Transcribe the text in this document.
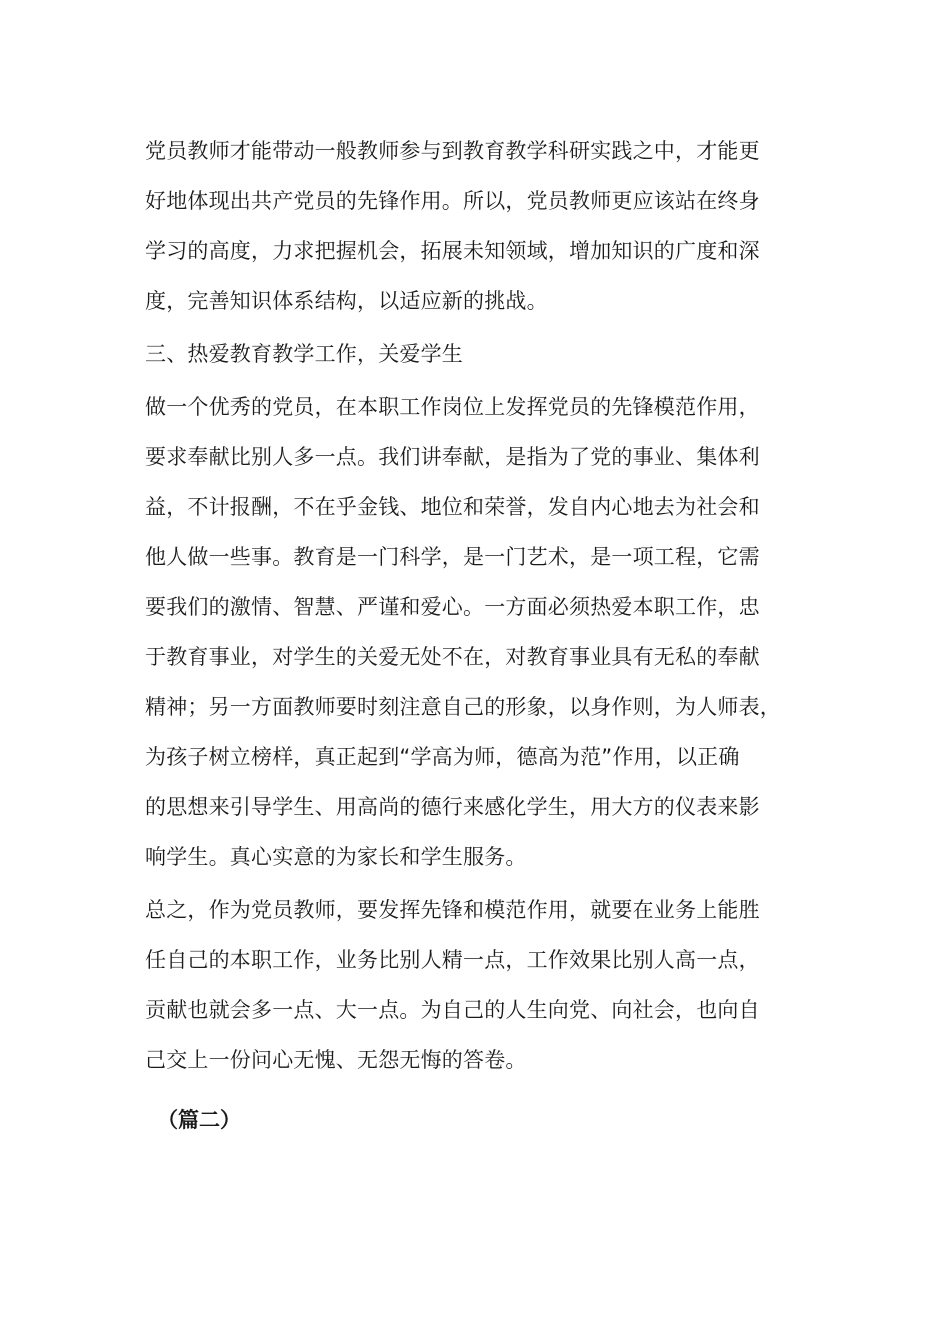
党员教师才能带动一般教师参与到教育教学科研实践之中，才能更
好地体现出共产党员的先锋作用。所以，党员教师更应该站在终身
学习的高度，力求把握机会，拓展未知领域，增加知识的广度和深
度，完善知识体系结构，以适应新的挑战。
三、热爱教育教学工作，关爱学生
做一个优秀的党员，在本职工作岗位上发挥党员的先锋模范作用，
要求奉献比别人多一点。我们讲奉献，是指为了党的事业、集体利
益，不计报酬，不在乎金钱、地位和荣誉，发自内心地去为社会和
他人做一些事。教育是一门科学，是一门艺术，是一项工程，它需
要我们的激情、智慧、严谨和爱心。一方面必须热爱本职工作，忠
于教育事业，对学生的关爱无处不在，对教育事业具有无私的奉献
精神；另一方面教师要时刻注意自己的形象，以身作则，为人师表，
为孩子树立榜样，真正起到“学高为师，德高为范”作用，以正确
的思想来引导学生、用高尚的德行来感化学生，用大方的仪表来影
响学生。真心实意的为家长和学生服务。
总之，作为党员教师，要发挥先锋和模范作用，就要在业务上能胜
任自己的本职工作，业务比别人精一点，工作效果比别人高一点，
贡献也就会多一点、大一点。为自己的人生向党、向社会，也向自
己交上一份问心无愧、无怨无悔的答卷。
（篇二）
